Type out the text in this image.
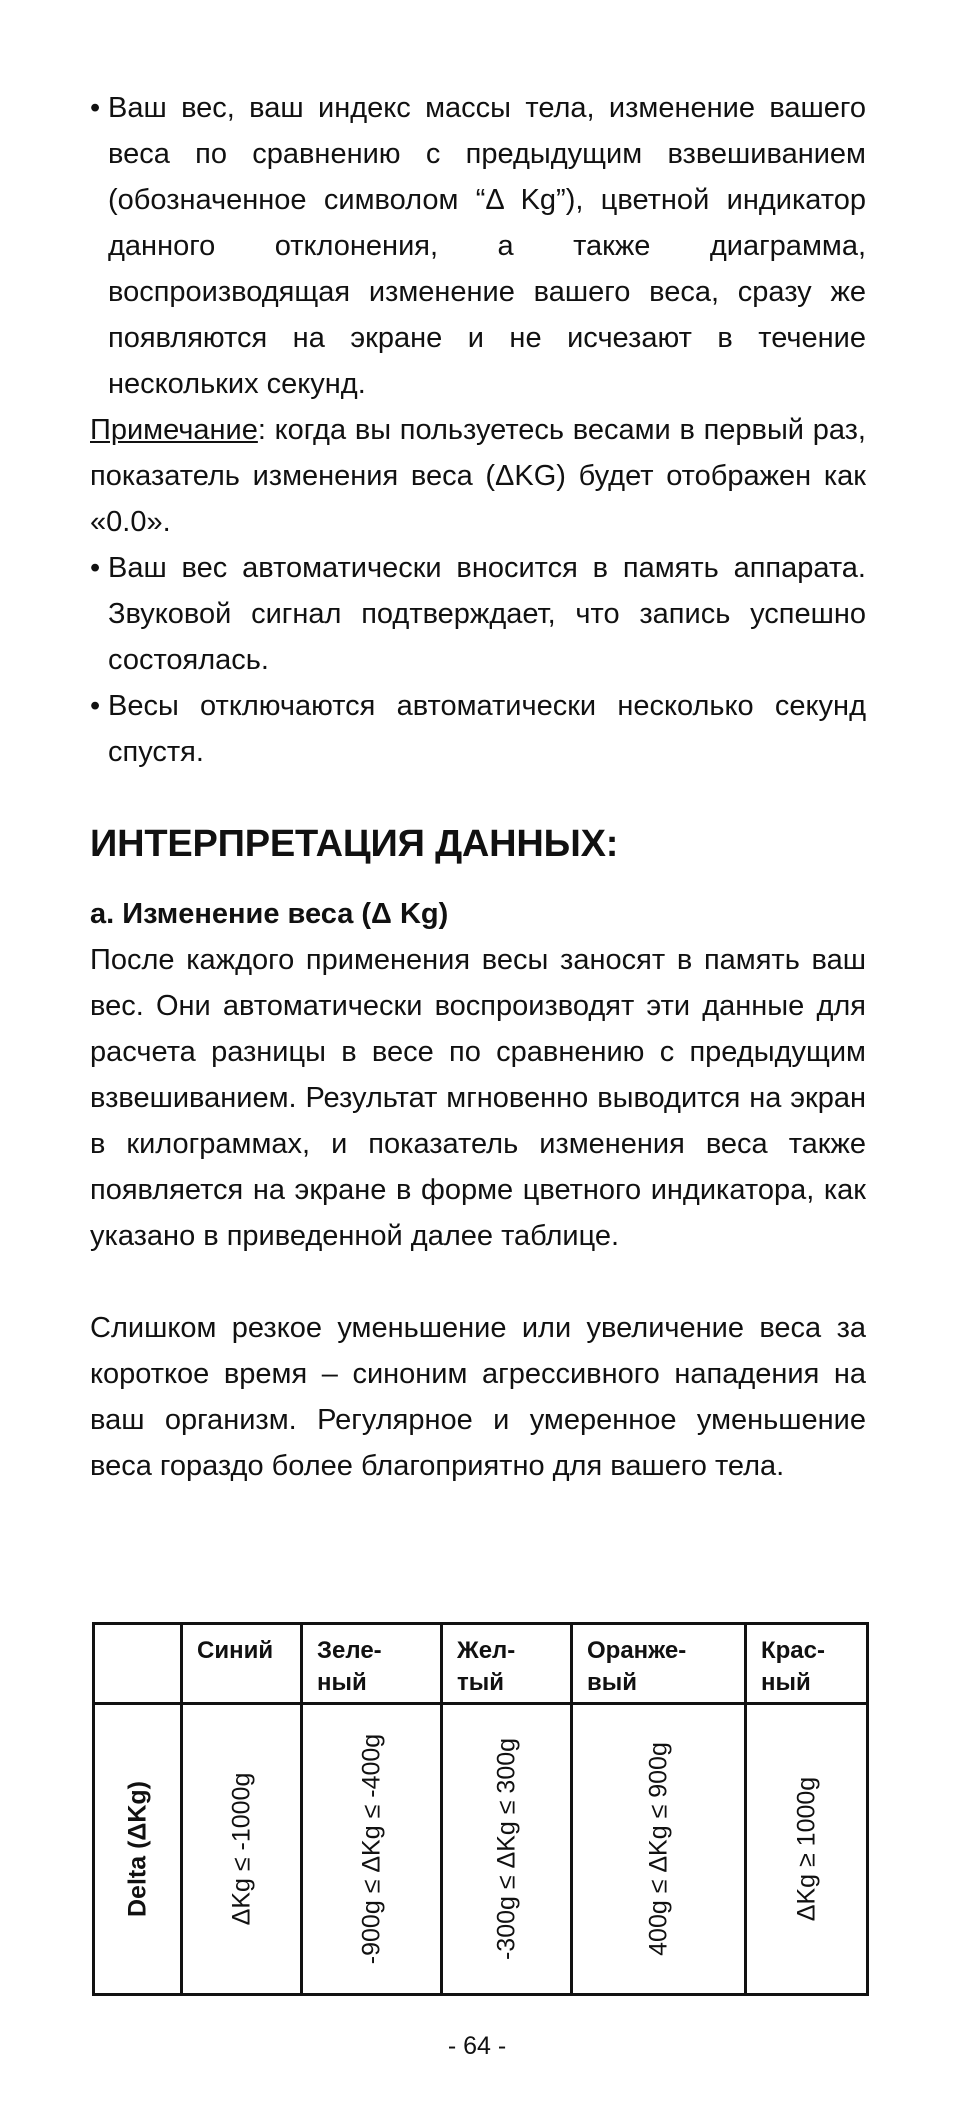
• Ваш вес, ваш индекс массы тела, изменение вашего веса по сравнению с предыдущим взвешиванием (обозначенное символом “Δ Kg”), цветной индикатор данного отклонения, а также диаграмма, воспроизводящая изменение вашего веса, сразу же появляются на экране и не исчезают в течение нескольких секунд.

Примечание: когда вы пользуетесь весами в первый раз, показатель изменения веса (ΔKG) будет отображен как «0.0».

• Ваш вес автоматически вносится в память аппарата. Звуковой сигнал подтверждает, что запись успешно состоялась.

• Весы отключаются автоматически несколько секунд спустя.

ИНТЕРПРЕТАЦИЯ ДАННЫХ:
a. Изменение веса (Δ Kg)

После каждого применения весы заносят в память ваш вес. Они автоматически воспроизводят эти данные для расчета разницы в весе по сравнению с предыдущим взвешиванием. Результат мгновенно выводится на экран в килограммах, и показатель изменения веса также появляется на экране в форме цветного индикатора, как указано в приведенной далее таблице.

Слишком резкое уменьшение или увеличение веса за короткое время – синоним агрессивного нападения на ваш организм. Регулярное и умеренное уменьшение веса гораздо более благоприятно для вашего тела.

	Синий	Зеле-ный	Жел-тый	Оранже-вый	Крас-ный

Delta (ΔKg)	ΔKg ≤ -1000g	-900g ≤ ΔKg ≤ -400g	-300g ≤ ΔKg ≤ 300g	400g ≤ ΔKg ≤ 900g	ΔKg ≥ 1000g
- 64 -
